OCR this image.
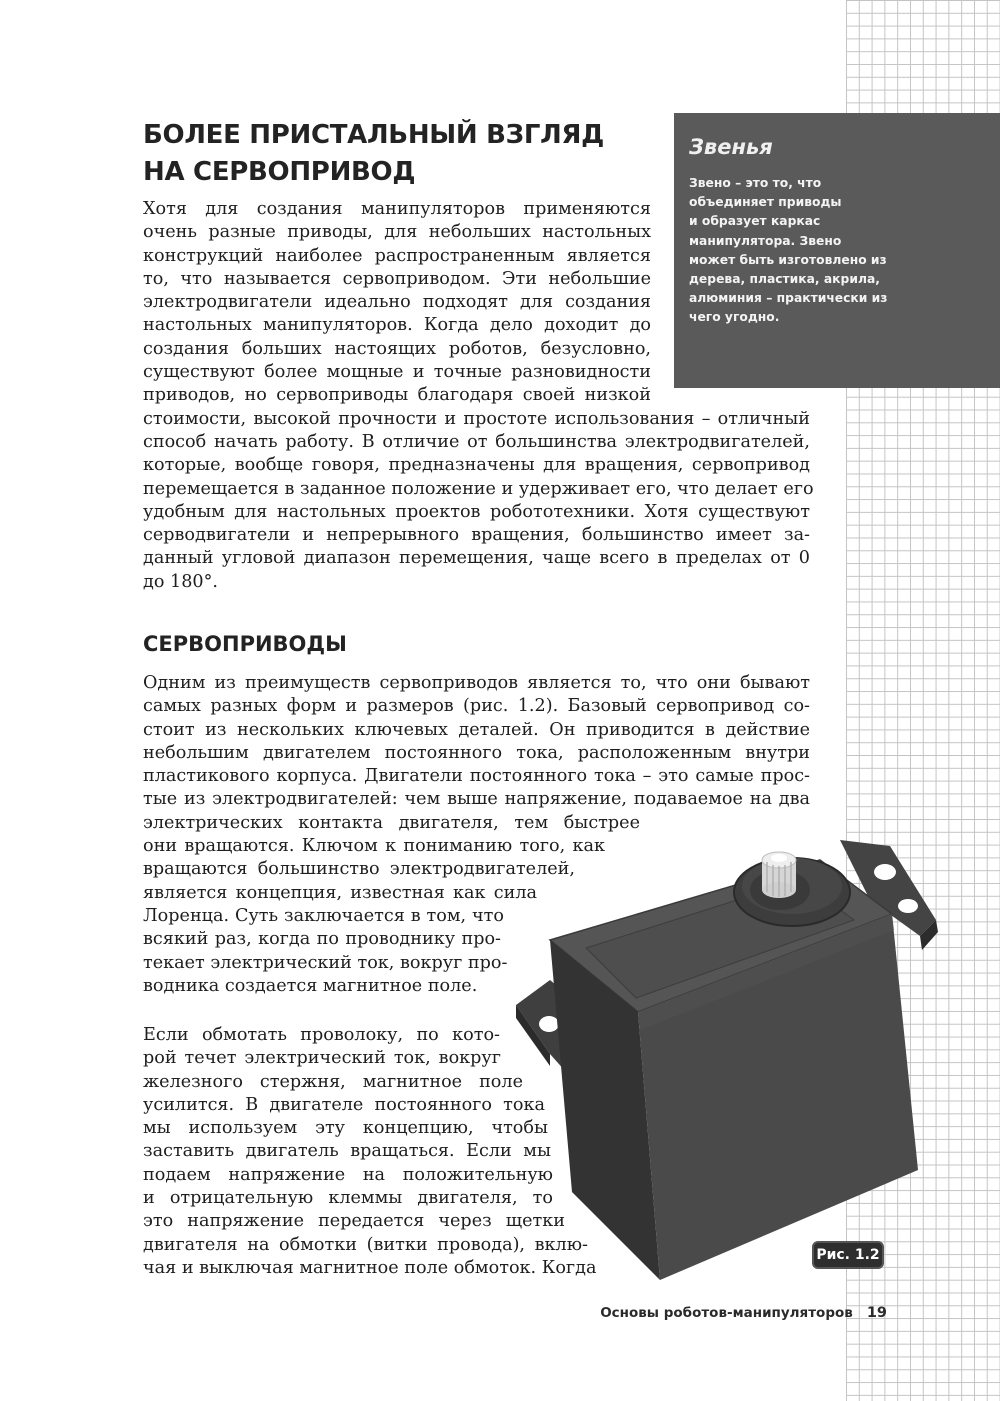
Звенья
Звено – это то, что
объединяет приводы
и образует каркас
манипулятора. Звено
может быть изготовлено из
дерева, пластика, акрила,
алюминия – практически из
чего угодно.
БОЛЕЕ ПРИСТАЛЬНЫЙ ВЗГЛЯД
НА СЕРВОПРИВОД
Хотя для создания манипуляторов применяются
очень разные приводы, для небольших настольных
конструкций наиболее распространенным является
то, что называется сервоприводом. Эти небольшие
электродвигатели идеально подходят для создания
настольных манипуляторов. Когда дело доходит до
создания больших настоящих роботов, безусловно,
существуют более мощные и точные разновидности
приводов, но сервоприводы благодаря своей низкой
стоимости, высокой прочности и простоте использования – отличный
способ начать работу. В отличие от большинства электродвигателей,
которые, вообще говоря, предназначены для вращения, сервопривод
перемещается в заданное положение и удерживает его, что делает его
удобным для настольных проектов робототехники. Хотя существуют
серводвигатели и непрерывного вращения, большинство имеет за-
данный угловой диапазон перемещения, чаще всего в пределах от 0
до 180°.
СЕРВОПРИВОДЫ
Одним из преимуществ сервоприводов является то, что они бывают
самых разных форм и размеров (рис. 1.2). Базовый сервопривод со-
стоит из нескольких ключевых деталей. Он приводится в действие
небольшим двигателем постоянного тока, расположенным внутри
пластикового корпуса. Двигатели постоянного тока – это самые прос-
тые из электродвигателей: чем выше напряжение, подаваемое на два
электрических контакта двигателя, тем быстрее
они вращаются. Ключом к пониманию того, как
вращаются большинство электродвигателей,
является концепция, известная как сила
Лоренца. Суть заключается в том, что
всякий раз, когда по проводнику про-
текает электрический ток, вокруг про-
водника создается магнитное поле.
Если обмотать проволоку, по кото-
рой течет электрический ток, вокруг
железного стержня, магнитное поле
усилится. В двигателе постоянного тока
мы используем эту концепцию, чтобы
заставить двигатель вращаться. Если мы
подаем напряжение на положительную
и отрицательную клеммы двигателя, то
это напряжение передается через щетки
двигателя на обмотки (витки провода), вклю-
чая и выключая магнитное поле обмоток. Когда
Рис. 1.2
Основы роботов-манипуляторов 19
